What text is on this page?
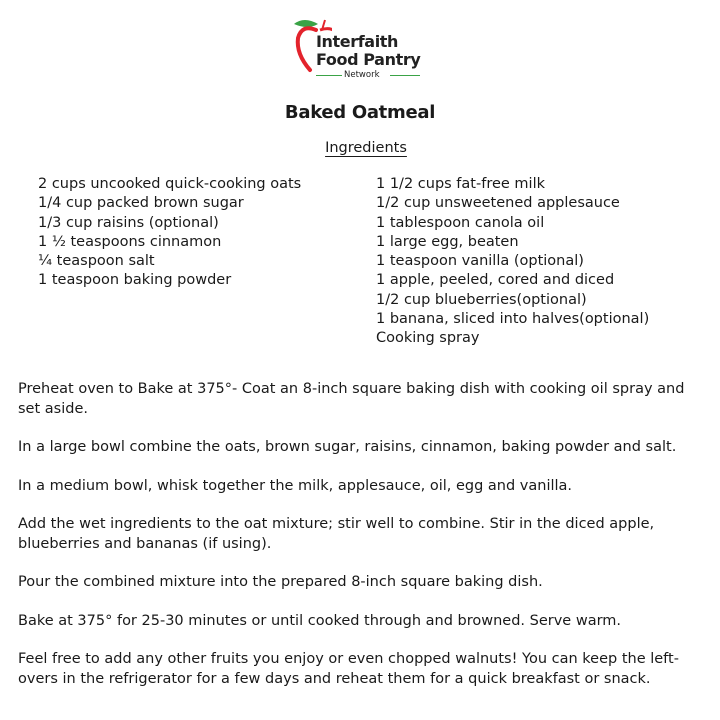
Interfaith
Food Pantry
Network
Baked Oatmeal
Ingredients
2 cups uncooked quick-cooking oats
1/4 cup packed brown sugar
1/3 cup raisins (optional)
1 ½ teaspoons cinnamon
¼ teaspoon salt
1 teaspoon baking powder
1 1/2 cups fat-free milk
1/2 cup unsweetened applesauce
1 tablespoon canola oil
1 large egg, beaten
1 teaspoon vanilla (optional)
1 apple, peeled, cored and diced
1/2 cup blueberries(optional)
1 banana, sliced into halves(optional)
Cooking spray

Preheat oven to Bake at 375°- Coat an 8-inch square baking dish with cooking oil spray and set aside.

In a large bowl combine the oats, brown sugar, raisins, cinnamon, baking powder and salt.

In a medium bowl, whisk together the milk, applesauce, oil, egg and vanilla.

Add the wet ingredients to the oat mixture; stir well to combine. Stir in the diced apple, blueberries and bananas (if using).

Pour the combined mixture into the prepared 8-inch square baking dish.

Bake at 375° for 25-30 minutes or until cooked through and browned. Serve warm.

Feel free to add any other fruits you enjoy or even chopped walnuts! You can keep the left-overs in the refrigerator for a few days and reheat them for a quick breakfast or snack.
